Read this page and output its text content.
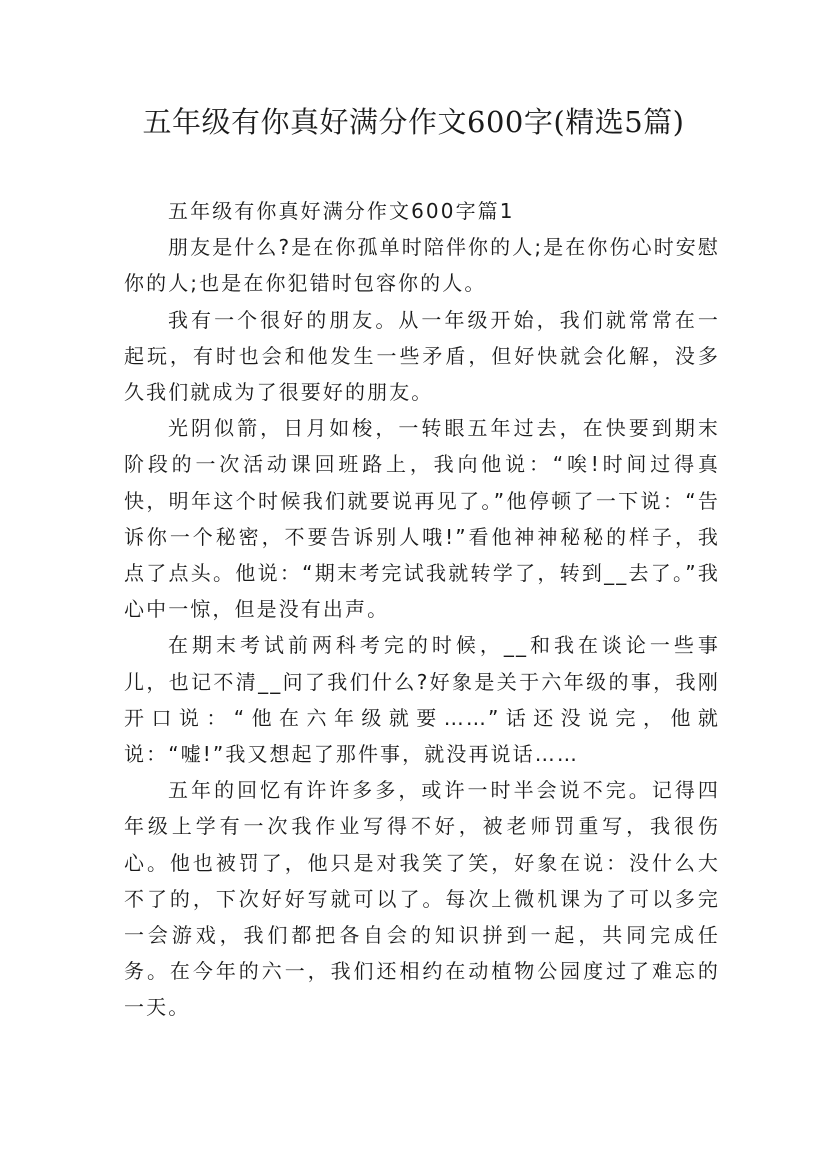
五年级有你真好满分作文600字(精选5篇)
五年级有你真好满分作文600字篇1

朋友是什么?是在你孤单时陪伴你的人;是在你伤心时安慰你的人;也是在你犯错时包容你的人。

我有一个很好的朋友。从一年级开始，我们就常常在一起玩，有时也会和他发生一些矛盾，但好快就会化解，没多久我们就成为了很要好的朋友。

光阴似箭，日月如梭，一转眼五年过去，在快要到期末阶段的一次活动课回班路上，我向他说：“唉!时间过得真快，明年这个时候我们就要说再见了。”他停顿了一下说：“告诉你一个秘密，不要告诉别人哦!”看他神神秘秘的样子，我点了点头。他说：“期末考完试我就转学了，转到__去了。”我心中一惊，但是没有出声。

在期末考试前两科考完的时候，__和我在谈论一些事儿，也记不清__问了我们什么?好象是关于六年级的事，我刚开口说：“他在六年级就要……”话还没说完，他就说：“嘘!”我又想起了那件事，就没再说话……

五年的回忆有许许多多，或许一时半会说不完。记得四年级上学有一次我作业写得不好，被老师罚重写，我很伤心。他也被罚了，他只是对我笑了笑，好象在说：没什么大不了的，下次好好写就可以了。每次上微机课为了可以多完一会游戏，我们都把各自会的知识拼到一起，共同完成任务。在今年的六一，我们还相约在动植物公园度过了难忘的一天。
